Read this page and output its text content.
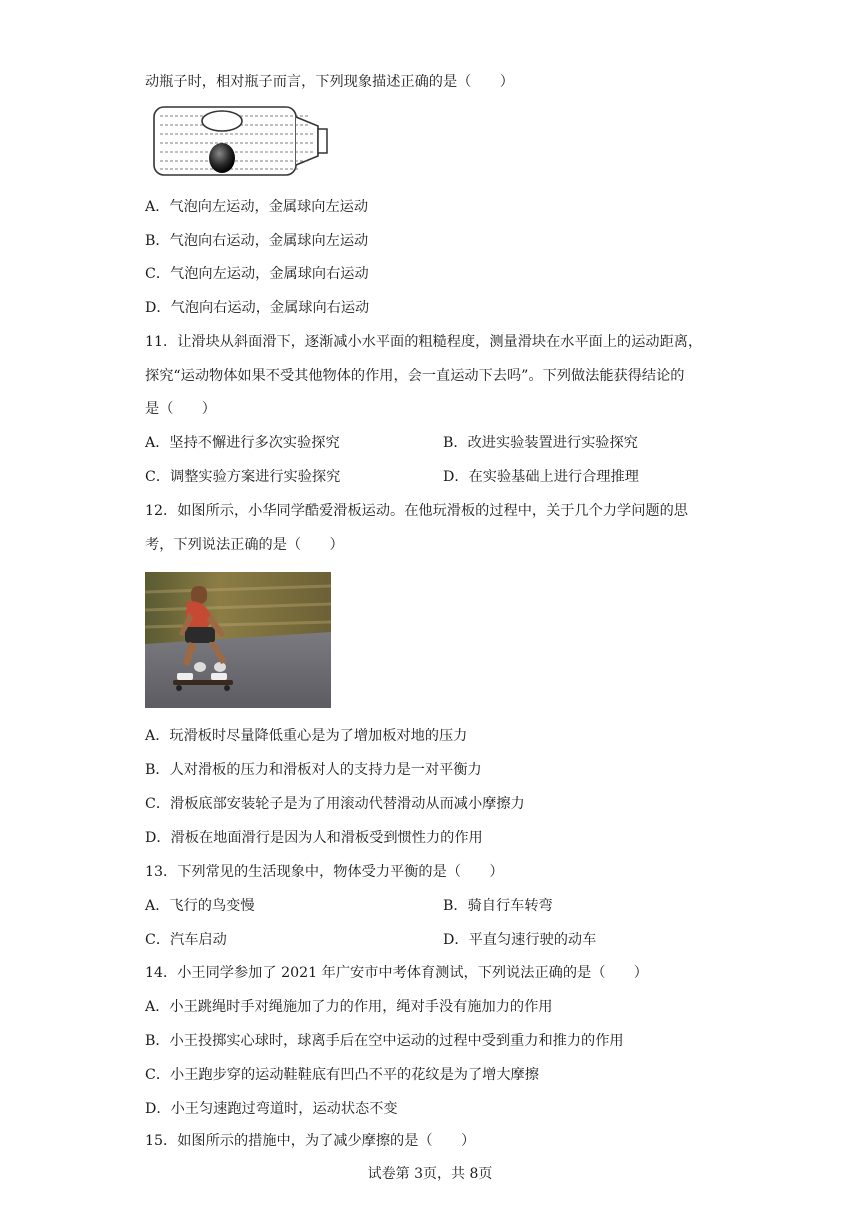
动瓶子时，相对瓶子而言，下列现象描述正确的是（　　）
A．气泡向左运动，金属球向左运动
B．气泡向右运动，金属球向左运动
C．气泡向左运动，金属球向右运动
D．气泡向右运动，金属球向右运动
11．让滑块从斜面滑下，逐渐减小水平面的粗糙程度，测量滑块在水平面上的运动距离，
探究“运动物体如果不受其他物体的作用，会一直运动下去吗”。下列做法能获得结论的
是（　　）
A．坚持不懈进行多次实验探究	B．改进实验装置进行实验探究
C．调整实验方案进行实验探究	D．在实验基础上进行合理推理
12．如图所示，小华同学酷爱滑板运动。在他玩滑板的过程中，关于几个力学问题的思
考，下列说法正确的是（　　）
A．玩滑板时尽量降低重心是为了增加板对地的压力
B．人对滑板的压力和滑板对人的支持力是一对平衡力
C．滑板底部安装轮子是为了用滚动代替滑动从而减小摩擦力
D．滑板在地面滑行是因为人和滑板受到惯性力的作用
13．下列常见的生活现象中，物体受力平衡的是（　　）
A．飞行的鸟变慢	B．骑自行车转弯
C．汽车启动	D．平直匀速行驶的动车
14．小王同学参加了 2021 年广安市中考体育测试，下列说法正确的是（　　）
A．小王跳绳时手对绳施加了力的作用，绳对手没有施加力的作用
B．小王投掷实心球时，球离手后在空中运动的过程中受到重力和推力的作用
C．小王跑步穿的运动鞋鞋底有凹凸不平的花纹是为了增大摩擦
D．小王匀速跑过弯道时，运动状态不变
15．如图所示的措施中，为了减少摩擦的是（　　）
试卷第 3页，共 8页
